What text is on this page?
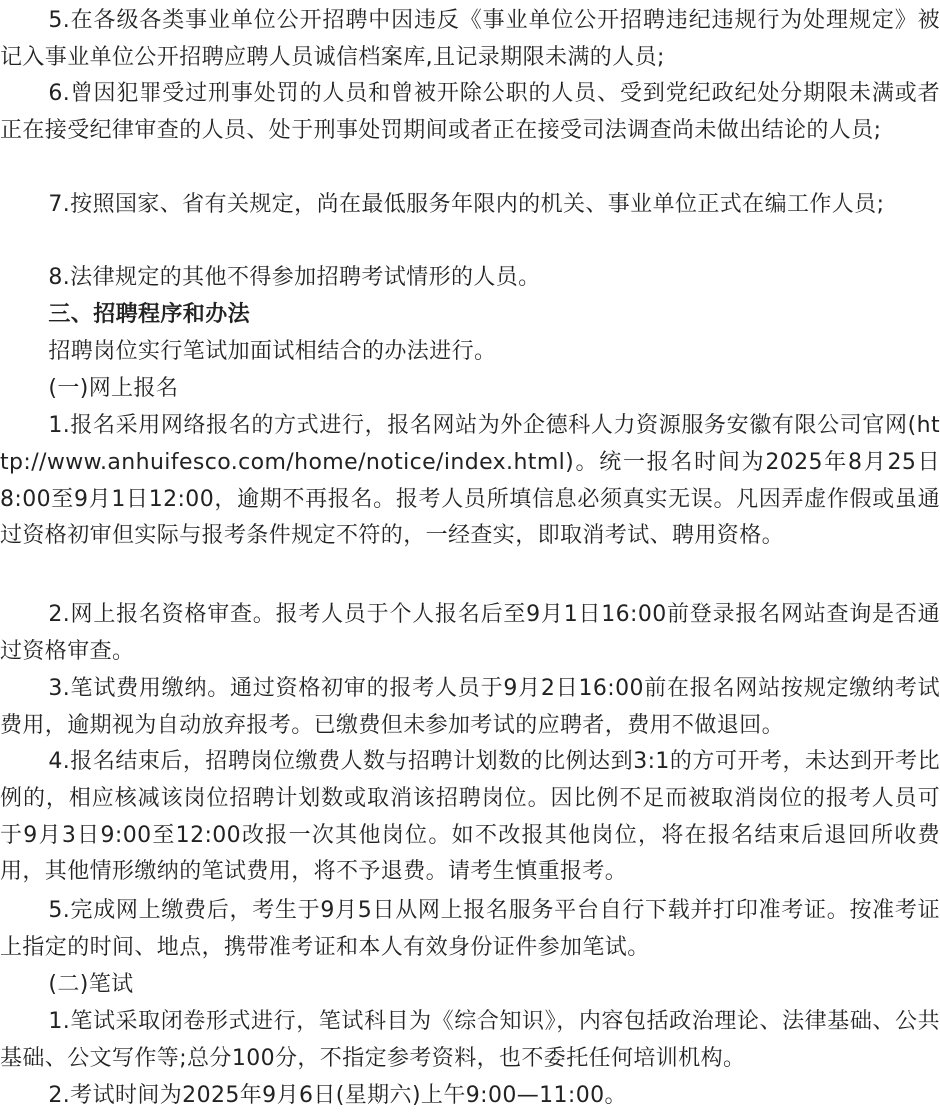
5.在各级各类事业单位公开招聘中因违反《事业单位公开招聘违纪违规行为处理规定》被记入事业单位公开招聘应聘人员诚信档案库,且记录期限未满的人员;

6.曾因犯罪受过刑事处罚的人员和曾被开除公职的人员、受到党纪政纪处分期限未满或者正在接受纪律审查的人员、处于刑事处罚期间或者正在接受司法调查尚未做出结论的人员;

7.按照国家、省有关规定，尚在最低服务年限内的机关、事业单位正式在编工作人员;

8.法律规定的其他不得参加招聘考试情形的人员。

三、招聘程序和办法

招聘岗位实行笔试加面试相结合的办法进行。

(一)网上报名

1.报名采用网络报名的方式进行，报名网站为外企德科人力资源服务安徽有限公司官网(http://www.anhuifesco.com/home/notice/index.html)。统一报名时间为2025年8月25日8:00至9月1日12:00，逾期不再报名。报考人员所填信息必须真实无误。凡因弄虚作假或虽通过资格初审但实际与报考条件规定不符的，一经查实，即取消考试、聘用资格。

2.网上报名资格审查。报考人员于个人报名后至9月1日16:00前登录报名网站查询是否通过资格审查。

3.笔试费用缴纳。通过资格初审的报考人员于9月2日16:00前在报名网站按规定缴纳考试费用，逾期视为自动放弃报考。已缴费但未参加考试的应聘者，费用不做退回。

4.报名结束后，招聘岗位缴费人数与招聘计划数的比例达到3:1的方可开考，未达到开考比例的，相应核减该岗位招聘计划数或取消该招聘岗位。因比例不足而被取消岗位的报考人员可于9月3日9:00至12:00改报一次其他岗位。如不改报其他岗位，将在报名结束后退回所收费用，其他情形缴纳的笔试费用，将不予退费。请考生慎重报考。

5.完成网上缴费后，考生于9月5日从网上报名服务平台自行下载并打印准考证。按准考证上指定的时间、地点，携带准考证和本人有效身份证件参加笔试。

(二)笔试

1.笔试采取闭卷形式进行，笔试科目为《综合知识》，内容包括政治理论、法律基础、公共基础、公文写作等;总分100分，不指定参考资料，也不委托任何培训机构。

2.考试时间为2025年9月6日(星期六)上午9:00—11:00。
